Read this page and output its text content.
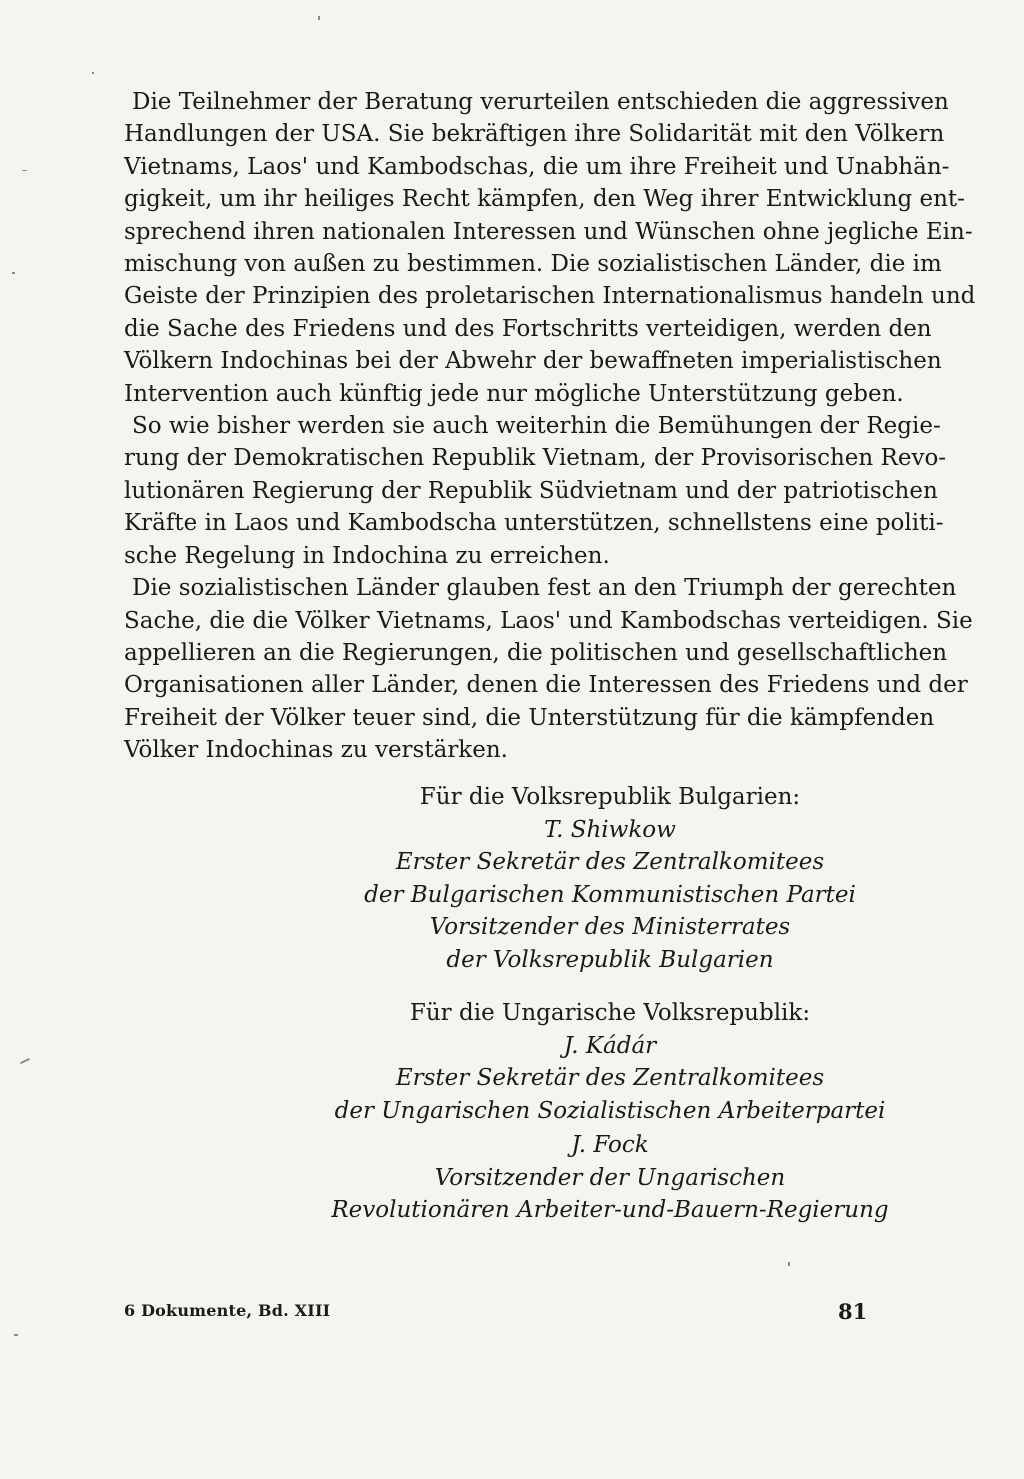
Die Teilnehmer der Beratung verurteilen entschieden die aggressiven
Handlungen der USA. Sie bekräftigen ihre Solidarität mit den Völkern
Vietnams, Laos' und Kambodschas, die um ihre Freiheit und Unabhän-
gigkeit, um ihr heiliges Recht kämpfen, den Weg ihrer Entwicklung ent-
sprechend ihren nationalen Interessen und Wünschen ohne jegliche Ein-
mischung von außen zu bestimmen. Die sozialistischen Länder, die im
Geiste der Prinzipien des proletarischen Internationalismus handeln und
die Sache des Friedens und des Fortschritts verteidigen, werden den
Völkern Indochinas bei der Abwehr der bewaffneten imperialistischen
Intervention auch künftig jede nur mögliche Unterstützung geben.

So wie bisher werden sie auch weiterhin die Bemühungen der Regie-
rung der Demokratischen Republik Vietnam, der Provisorischen Revo-
lutionären Regierung der Republik Südvietnam und der patriotischen
Kräfte in Laos und Kambodscha unterstützen, schnellstens eine politi-
sche Regelung in Indochina zu erreichen.

Die sozialistischen Länder glauben fest an den Triumph der gerechten
Sache, die die Völker Vietnams, Laos' und Kambodschas verteidigen. Sie
appellieren an die Regierungen, die politischen und gesellschaftlichen
Organisationen aller Länder, denen die Interessen des Friedens und der
Freiheit der Völker teuer sind, die Unterstützung für die kämpfenden
Völker Indochinas zu verstärken.

Für die Volksrepublik Bulgarien:
T. Shiwkow
Erster Sekretär des Zentralkomitees
der Bulgarischen Kommunistischen Partei
Vorsitzender des Ministerrates
der Volksrepublik Bulgarien
Für die Ungarische Volksrepublik:
J. Kádár
Erster Sekretär des Zentralkomitees
der Ungarischen Sozialistischen Arbeiterpartei
J. Fock
Vorsitzender der Ungarischen
Revolutionären Arbeiter-und-Bauern-Regierung
6 Dokumente, Bd. XIII	81
